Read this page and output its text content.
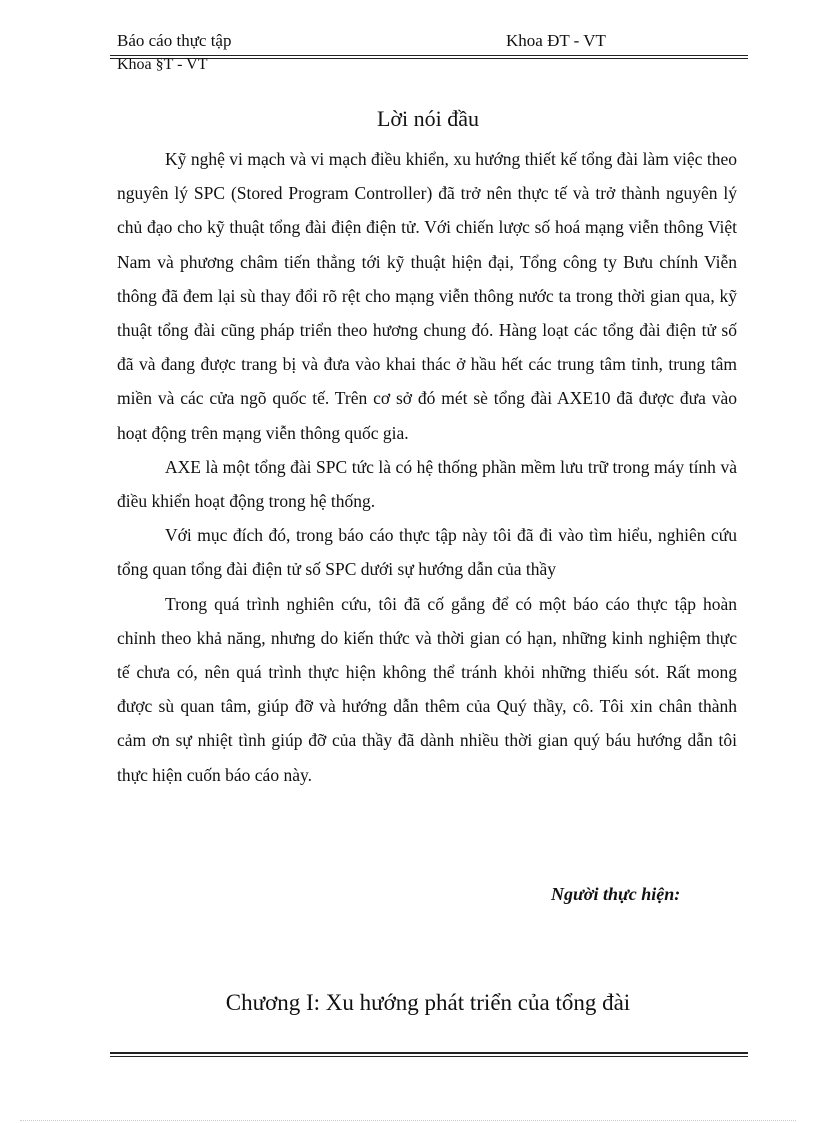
Báo cáo thực tập	Khoa ĐT - VT
Khoa §T - VT
Lời nói đầu

Kỹ nghệ vi mạch và vi mạch điều khiển, xu hướng thiết kế tổng đài làm việc theo nguyên lý SPC (Stored Program Controller) đã trở nên thực tế và trở thành nguyên lý chủ đạo cho kỹ thuật tổng đài điện điện tử. Với chiến lược số hoá mạng viễn thông Việt Nam và phương châm tiến thẳng tới kỹ thuật hiện đại, Tổng công ty Bưu chính Viễn thông đã đem lại sù thay đổi rõ rệt cho mạng viễn thông nước ta trong thời gian qua, kỹ thuật tổng đài cũng pháp triển theo hương chung đó. Hàng loạt các tổng đài điện tử số đã và đang được trang bị và đưa vào khai thác ở hầu hết các trung tâm tỉnh, trung tâm miền và các cửa ngõ quốc tế. Trên cơ sở đó mét sè tổng đài AXE10 đã được đưa vào hoạt động trên mạng viễn thông quốc gia.

AXE là một tổng đài SPC tức là có hệ thống phần mềm lưu trữ trong máy tính và điều khiển hoạt động trong hệ thống.

Với mục đích đó, trong báo cáo thực tập này tôi đã đi vào tìm hiểu, nghiên cứu tổng quan tổng đài điện tử số SPC dưới sự hướng dẫn của thầy

Trong quá trình nghiên cứu, tôi đã cố gắng để có một báo cáo thực tập hoàn chỉnh theo khả năng, nhưng do kiến thức và thời gian có hạn, những kinh nghiệm thực tế chưa có, nên quá trình thực hiện không thể tránh khỏi những thiếu sót. Rất mong được sù quan tâm, giúp đỡ và hướng dẫn thêm của Quý thầy, cô. Tôi xin chân thành cảm ơn sự nhiệt tình giúp đỡ của thầy đã dành nhiều thời gian quý báu hướng dẫn tôi thực hiện cuốn báo cáo này.

Người thực hiện:
Chương I: Xu hướng phát triển của tổng đài
